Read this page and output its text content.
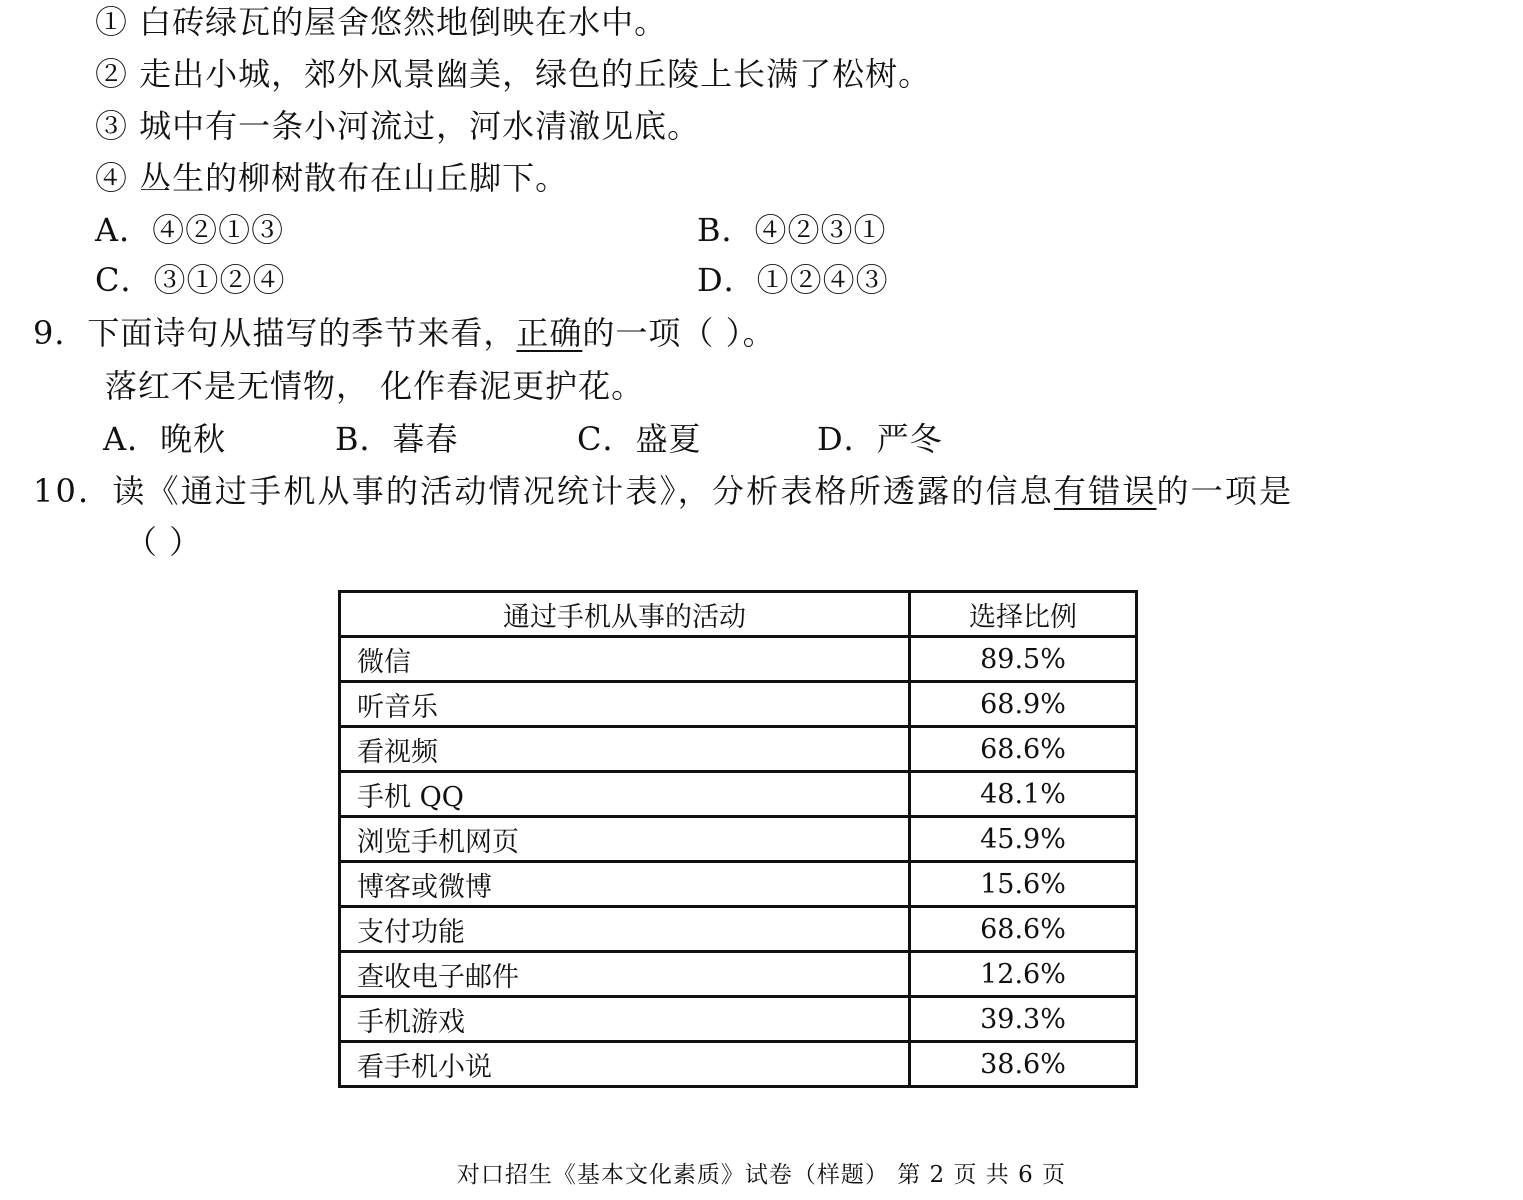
① 白砖绿瓦的屋舍悠然地倒映在水中。
② 走出小城，郊外风景幽美，绿色的丘陵上长满了松树。
③ 城中有一条小河流过，河水清澈见底。
④ 丛生的柳树散布在山丘脚下。
A．④②①③	B．④②③①
C．③①②④	D．①②④③
9．下面诗句从描写的季节来看，正确的一项（ ）。
落红不是无情物， 化作春泥更护花。
A．晚秋	B．暮春	C．盛夏	D．严冬
10．读《通过手机从事的活动情况统计表》，分析表格所透露的信息有错误的一项是
（ ）
通过手机从事的活动	选择比例
微信	89.5%
听音乐	68.9%
看视频	68.6%
手机 QQ	48.1%
浏览手机网页	45.9%
博客或微博	15.6%
支付功能	68.6%
查收电子邮件	12.6%
手机游戏	39.3%
看手机小说	38.6%
对口招生《基本文化素质》试卷（样题） 第 2 页 共 6 页
